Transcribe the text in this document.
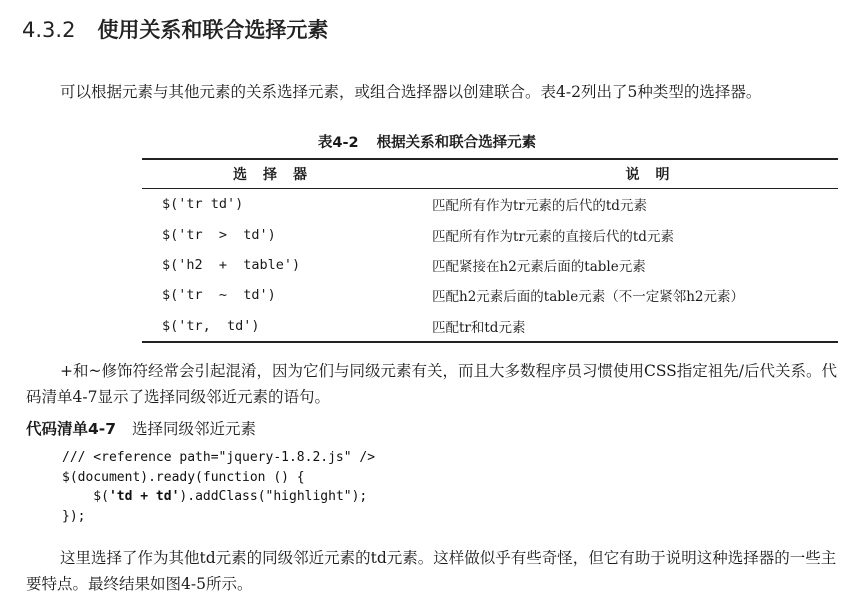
4.3.2 使用关系和联合选择元素

可以根据元素与其他元素的关系选择元素，或组合选择器以创建联合。表4-2列出了5种类型的选择器。

表4-2 根据关系和联合选择元素
选择器	说明
$('tr td')	匹配所有作为tr元素的后代的td元素
$('tr  >  td')	匹配所有作为tr元素的直接后代的td元素
$('h2  +  table')	匹配紧接在h2元素后面的table元素
$('tr  ~  td')	匹配h2元素后面的table元素（不一定紧邻h2元素）
$('tr,  td')	匹配tr和td元素

+和~修饰符经常会引起混淆，因为它们与同级元素有关，而且大多数程序员习惯使用CSS指定祖先/后代关系。代码清单4-7显示了选择同级邻近元素的语句。

代码清单4-7 选择同级邻近元素
/// <reference path="jquery-1.8.2.js" />
$(document).ready(function () {
$('td + td').addClass("highlight");
});

这里选择了作为其他td元素的同级邻近元素的td元素。这样做似乎有些奇怪，但它有助于说明这种选择器的一些主要特点。最终结果如图4-5所示。
